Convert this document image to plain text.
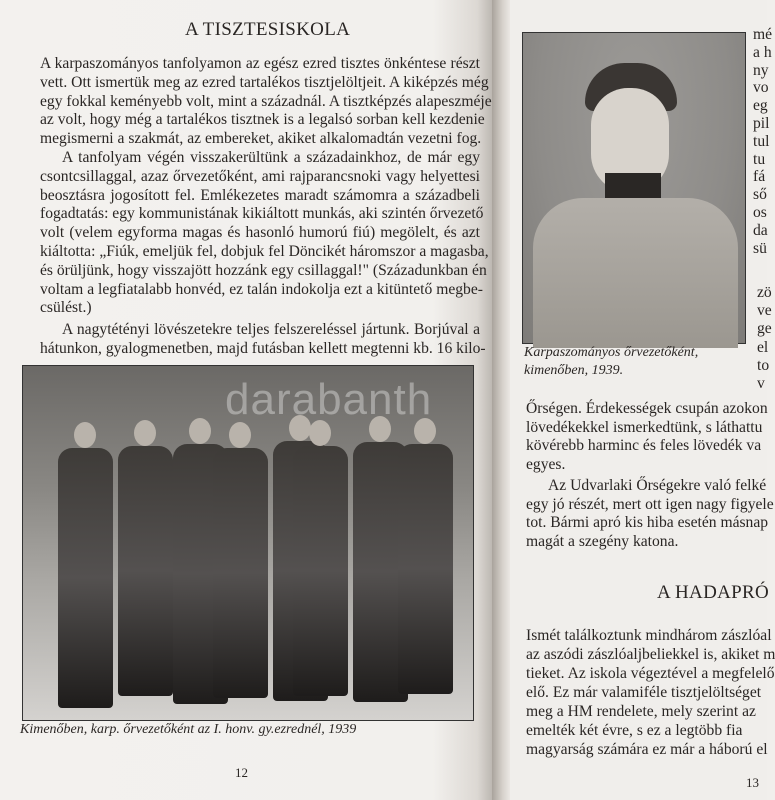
A TISZTESISKOLA
A karpaszományos tanfolyamon az egész ezred tisztes önkéntese részt
vett. Ott ismertük meg az ezred tartalékos tisztjelöltjeit. A kiképzés még
egy fokkal keményebb volt, mint a századnál. A tisztképzés alapeszméje
az volt, hogy még a tartalékos tisztnek is a legalsó sorban kell kezdenie
megismerni a szakmát, az embereket, akiket alkalomadtán vezetni fog.
A tanfolyam végén visszakerültünk a századainkhoz, de már egy
csontcsillaggal, azaz őrvezetőként, ami rajparancsnoki vagy helyettesi
beosztásra jogosított fel. Emlékezetes maradt számomra a századbeli
fogadtatás: egy kommunistának kikiáltott munkás, aki szintén őrvezető
volt (velem egyforma magas és hasonló humorú fiú) megölelt, és azt
kiáltotta: „Fiúk, emeljük fel, dobjuk fel Döncikét háromszor a magasba,
és örüljünk, hogy visszajött hozzánk egy csillaggal!" (Századunkban én
voltam a legfiatalabb honvéd, ez talán indokolja ezt a kitüntető megbe-
csülést.)
A nagytétényi lövészetekre teljes felszereléssel jártunk. Borjúval a
hátunkon, gyalogmenetben, majd futásban kellett megtenni kb. 16 kilo-
darabanth
Kimenőben, karp. őrvezetőként az I. honv. gy.ezrednél, 1939
12
Karpaszományos őrvezetőként,
kimenőben, 1939.
mé
a h
ny
vo
eg
pil
tul
tu
fá
ső
os
da
sü
zö
ve
ge
el
to
v
Őrségen. Érdekességek csupán azokon
lövedékekkel ismerkedtünk, s láthattu
kövérebb harminc és feles lövedék va
egyes.
Az Udvarlaki Őrségekre való felké
egy jó részét, mert ott igen nagy figyele
tot. Bármi apró kis hiba esetén másnap
magát a szegény katona.
Ismét találkoztunk mindhárom zászlóal
az aszódi zászlóaljbeliekkel is, akiket m
tieket. Az iskola végeztével a megfelelő
elő. Ez már valamiféle tisztjelöltséget
meg a HM rendelete, mely szerint az
emelték két évre, s ez a legtöbb fia
magyarság számára ez már a háború el
A HADAPRÓ
13
